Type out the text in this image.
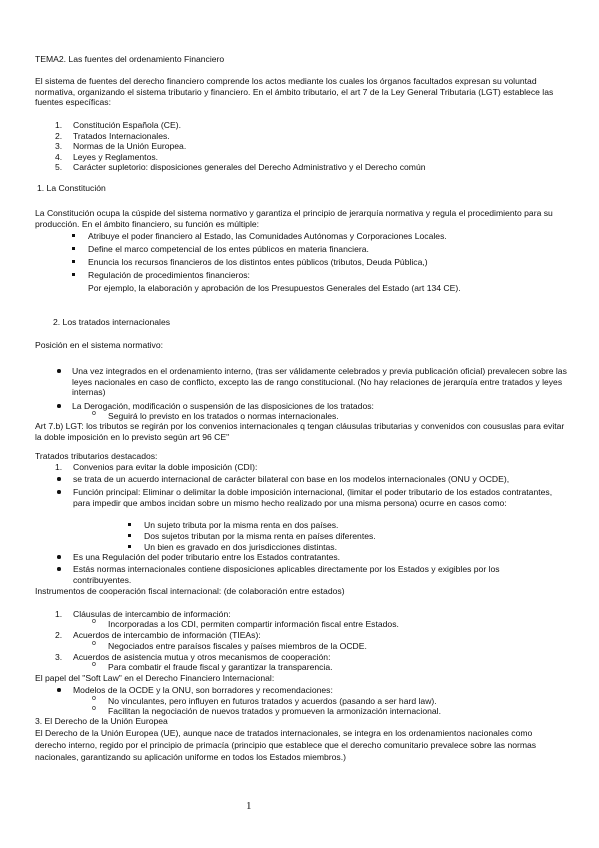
TEMA2. Las fuentes del ordenamiento Financiero
El sistema de fuentes del derecho financiero comprende los actos mediante los cuales los órganos facultados expresan su voluntad normativa, organizando el sistema tributario y financiero. En el ámbito tributario, el art 7 de la Ley General Tributaria (LGT) establece las fuentes específicas:
1. Constitución Española (CE).
2. Tratados Internacionales.
3. Normas de la Unión Europea.
4. Leyes y Reglamentos.
5. Carácter supletorio: disposiciones generales del Derecho Administrativo y el Derecho común
1. La Constitución
La Constitución ocupa la cúspide del sistema normativo y garantiza el principio de jerarquía normativa y regula el procedimiento para su producción. En el ámbito financiero, su función es múltiple:
Atribuye el poder financiero al Estado, las Comunidades Autónomas y Corporaciones Locales.
Define el marco competencial de los entes públicos en materia financiera.
Enuncia los recursos financieros de los distintos entes públicos (tributos, Deuda Pública,)
Regulación de procedimientos financieros:
Por ejemplo, la elaboración y aprobación de los Presupuestos Generales del Estado (art 134 CE).
2. Los tratados internacionales
Posición en el sistema normativo:
Una vez integrados en el ordenamiento interno, (tras ser válidamente celebrados y previa publicación oficial) prevalecen sobre las leyes nacionales en caso de conflicto, excepto las de rango constitucional. (No hay relaciones de jerarquía entre tratados y leyes internas)
La Derogación, modificación o suspensión de las disposiciones de los tratados:
o Seguirá lo previsto en los tratados o normas internacionales.
Art 7.b) LGT: los tributos se regirán por los convenios internacionales q tengan cláusulas tributarias y convenidos con coususlas para evitar la doble imposición en lo previsto según art 96 CE"
Tratados tributarios destacados:
1. Convenios para evitar la doble imposición (CDI):
se trata de un acuerdo internacional de carácter bilateral con base en los modelos internacionales (ONU y OCDE),
Función principal: Eliminar o delimitar la doble imposición internacional, (limitar el poder tributario de los estados contratantes, para impedir que ambos incidan sobre un mismo hecho realizado por una misma persona) ocurre en casos como:
Un sujeto tributa por la misma renta en dos países.
Dos sujetos tributan por la misma renta en países diferentes.
Un bien es gravado en dos jurisdicciones distintas.
Es una Regulación del poder tributario entre los Estados contratantes.
Estás normas internacionales contiene disposiciones aplicables directamente por los Estados y exigibles por los contribuyentes.
Instrumentos de cooperación fiscal internacional: (de colaboración entre estados)
1. Cláusulas de intercambio de información:
o Incorporadas a los CDI, permiten compartir información fiscal entre Estados.
2. Acuerdos de intercambio de información (TIEAs):
o Negociados entre paraísos fiscales y países miembros de la OCDE.
3. Acuerdos de asistencia mutua y otros mecanismos de cooperación:
o Para combatir el fraude fiscal y garantizar la transparencia.
El papel del "Soft Law" en el Derecho Financiero Internacional:
Modelos de la OCDE y la ONU, son borradores y recomendaciones:
o No vinculantes, pero influyen en futuros tratados y acuerdos (pasando a ser hard law).
o Facilitan la negociación de nuevos tratados y promueven la armonización internacional.
3. El Derecho de la Unión Europea
El Derecho de la Unión Europea (UE), aunque nace de tratados internacionales, se integra en los ordenamientos nacionales como derecho interno, regido por el principio de primacía (principio que establece que el derecho comunitario prevalece sobre las normas nacionales, garantizando su aplicación uniforme en todos los Estados miembros.)
1
